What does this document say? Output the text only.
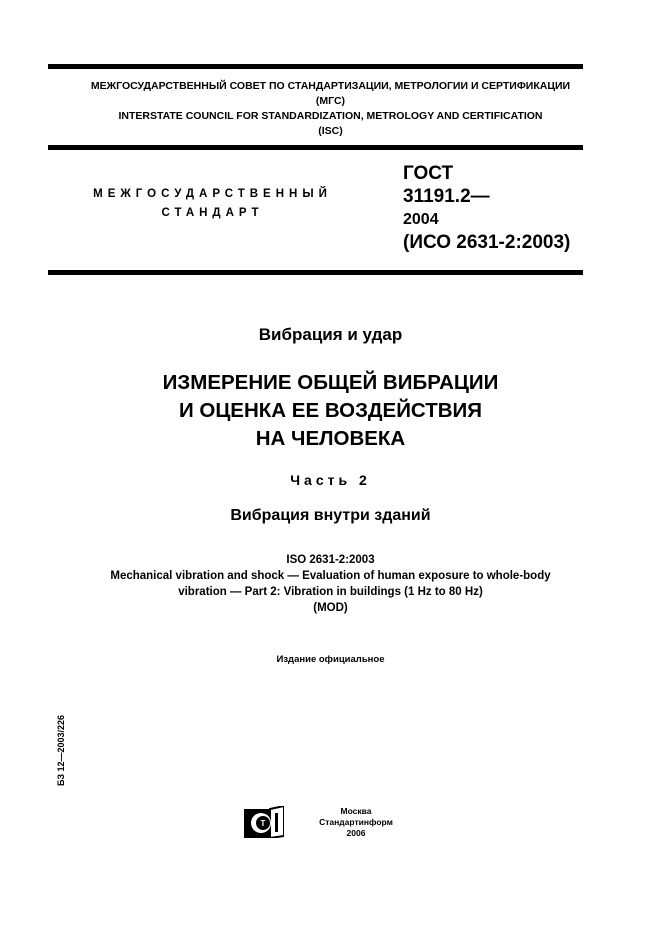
МЕЖГОСУДАРСТВЕННЫЙ СОВЕТ ПО СТАНДАРТИЗАЦИИ, МЕТРОЛОГИИ И СЕРТИФИКАЦИИ
(МГС)
INTERSTATE COUNCIL FOR STANDARDIZATION, METROLOGY AND CERTIFICATION
(ISC)
МЕЖГОСУДАРСТВЕННЫЙ
СТАНДАРТ
ГОСТ
31191.2—
2004
(ИСО 2631-2:2003)
Вибрация и удар
ИЗМЕРЕНИЕ ОБЩЕЙ ВИБРАЦИИ
И ОЦЕНКА ЕЕ ВОЗДЕЙСТВИЯ
НА ЧЕЛОВЕКА
Часть 2
Вибрация внутри зданий
ISO 2631-2:2003
Mechanical vibration and shock — Evaluation of human exposure to whole-body
vibration — Part 2: Vibration in buildings (1 Hz to 80 Hz)
(MOD)
Издание официальное
БЗ 12—2003/226
Т
Москва
Стандартинформ
2006
